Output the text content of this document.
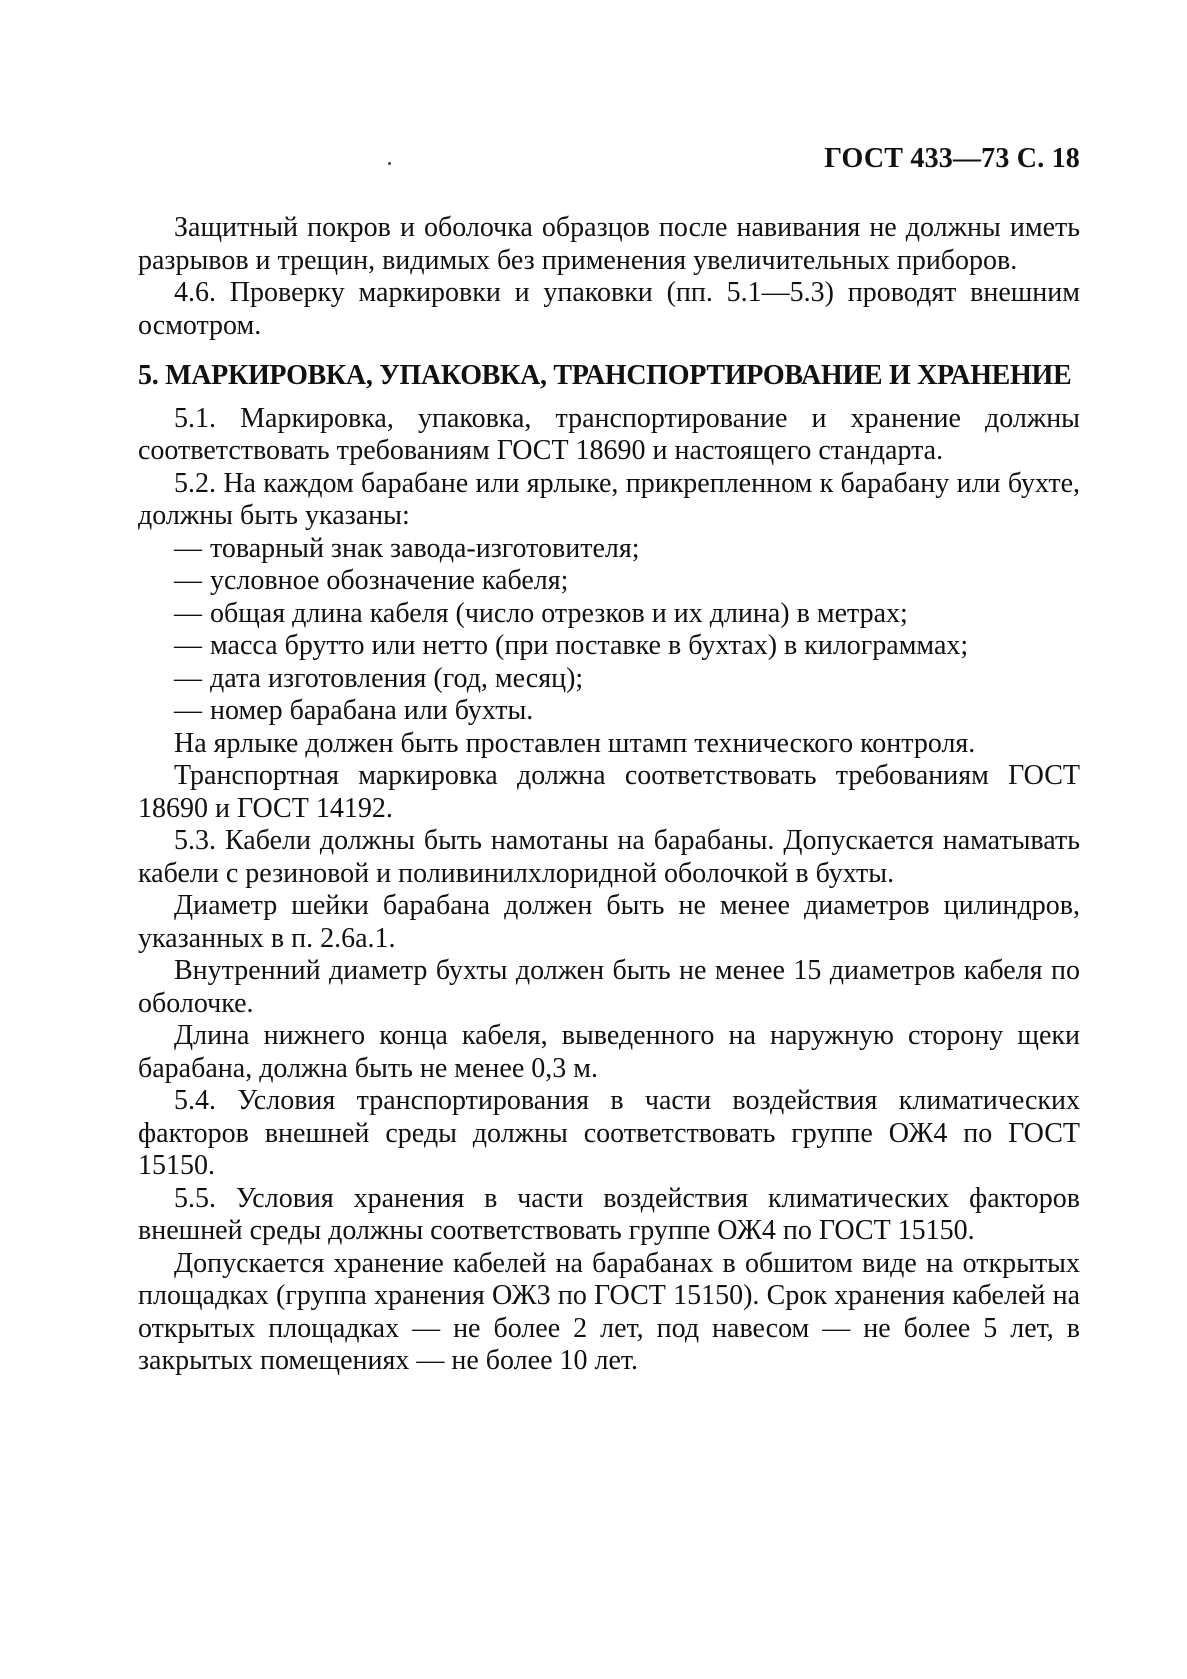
ГОСТ 433—73 С. 18

Защитный покров и оболочка образцов после навивания не должны иметь разрывов и трещин, видимых без применения увеличительных приборов.

4.6. Проверку маркировки и упаковки (пп. 5.1—5.3) проводят внешним осмотром.

5. МАРКИРОВКА, УПАКОВКА, ТРАНСПОРТИРОВАНИЕ И ХРАНЕНИЕ

5.1. Маркировка, упаковка, транспортирование и хранение должны соответствовать требованиям ГОСТ 18690 и настоящего стандарта.

5.2. На каждом барабане или ярлыке, прикрепленном к барабану или бухте, должны быть указаны:

— товарный знак завода-изготовителя;
— условное обозначение кабеля;
— общая длина кабеля (число отрезков и их длина) в метрах;
— масса брутто или нетто (при поставке в бухтах) в килограммах;
— дата изготовления (год, месяц);
— номер барабана или бухты.

На ярлыке должен быть проставлен штамп технического контроля.

Транспортная маркировка должна соответствовать требованиям ГОСТ 18690 и ГОСТ 14192.

5.3. Кабели должны быть намотаны на барабаны. Допускается наматывать кабели с резиновой и поливинилхлоридной оболочкой в бухты.

Диаметр шейки барабана должен быть не менее диаметров цилиндров, указанных в п. 2.6а.1.

Внутренний диаметр бухты должен быть не менее 15 диаметров кабеля по оболочке.

Длина нижнего конца кабеля, выведенного на наружную сторону щеки барабана, должна быть не менее 0,3 м.

5.4. Условия транспортирования в части воздействия климатических факторов внешней среды должны соответствовать группе ОЖ4 по ГОСТ 15150.

5.5. Условия хранения в части воздействия климатических факторов внешней среды должны соответствовать группе ОЖ4 по ГОСТ 15150.

Допускается хранение кабелей на барабанах в обшитом виде на открытых площадках (группа хранения ОЖ3 по ГОСТ 15150). Срок хранения кабелей на открытых площадках — не более 2 лет, под навесом — не более 5 лет, в закрытых помещениях — не более 10 лет.
